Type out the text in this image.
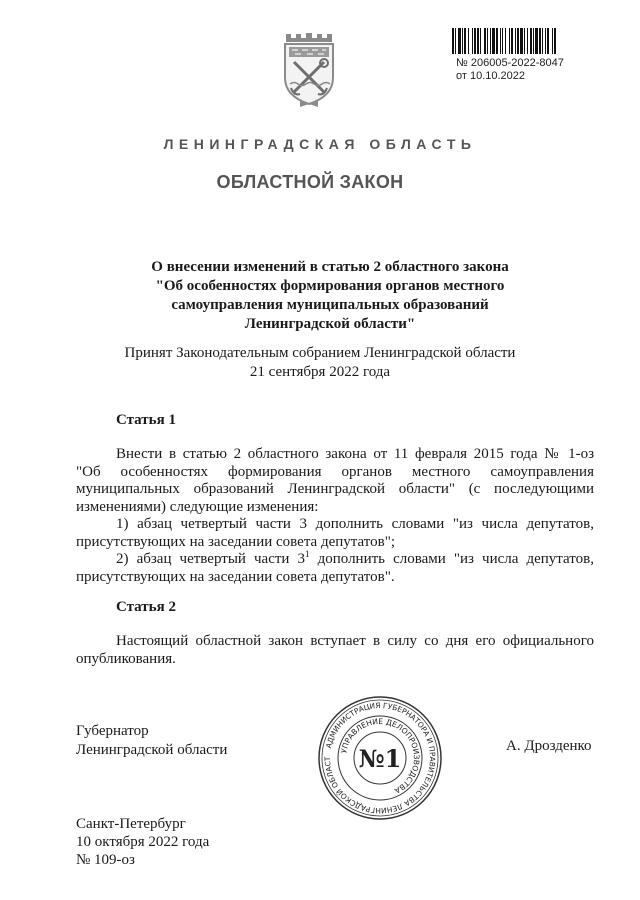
№ 206005-2022-8047
от 10.10.2022
ЛЕНИНГРАДСКАЯ ОБЛАСТЬ
ОБЛАСТНОЙ ЗАКОН
О внесении изменений в статью 2 областного закона
"Об особенностях формирования органов местного
самоуправления муниципальных образований
Ленинградской области"
Принят Законодательным собранием Ленинградской области
21 сентября 2022 года
Статья 1
Внести в статью 2 областного закона от 11 февраля 2015 года № 1-оз
"Об особенностях формирования органов местного самоуправления
муниципальных образований Ленинградской области" (с последующими
изменениями) следующие изменения:
1) абзац четвертый части 3 дополнить словами "из числа депутатов,
присутствующих на заседании совета депутатов";
2) абзац четвертый части $3^1$ дополнить словами "из числа депутатов,
присутствующих на заседании совета депутатов".
Статья 2
Настоящий областной закон вступает в силу со дня его официального
опубликования.
Губернатор
Ленинградской области	А. Дрозденко
АДМИНИСТРАЦИЯ ГУБЕРНАТОРА И ПРАВИТЕЛЬСТВА ЛЕНИНГРАДСКОЙ ОБЛАСТ
УПРАВЛЕНИЕ ДЕЛОПРОИЗВОДСТВА
№1
Санкт-Петербург
10 октября 2022 года
№ 109-оз
